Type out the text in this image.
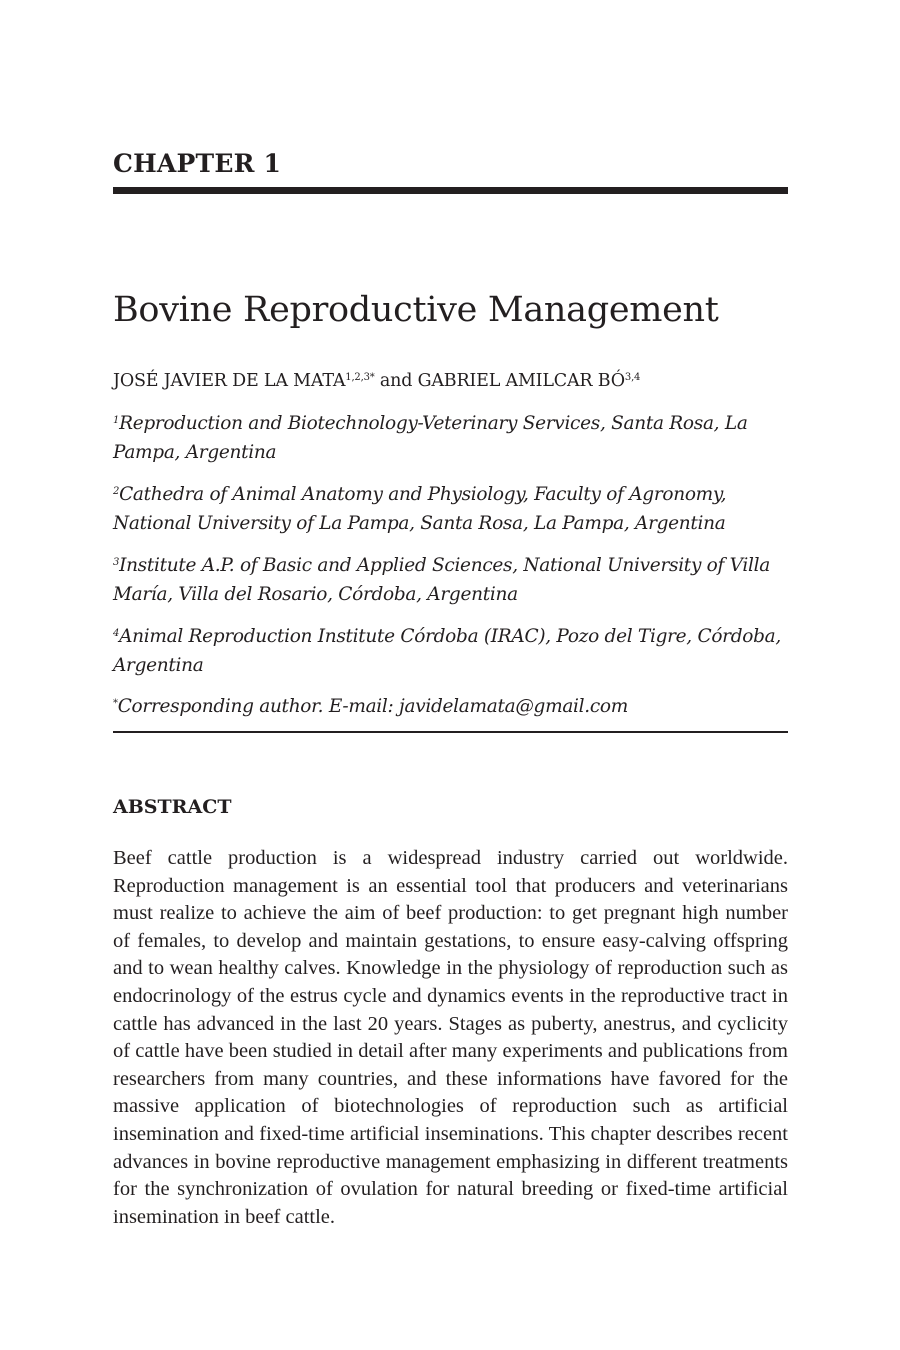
CHAPTER 1
Bovine Reproductive Management
JOSÉ JAVIER DE LA $MATA^{1,2,3*}$ and GABRIEL AMILCAR BÓ$^{3,4}$
$^1$Reproduction and Biotechnology-Veterinary Services, Santa Rosa, La Pampa, Argentina
$^2$Cathedra of Animal Anatomy and Physiology, Faculty of Agronomy, National University of La Pampa, Santa Rosa, La Pampa, Argentina
$^3$Institute A.P. of Basic and Applied Sciences, National University of Villa María, Villa del Rosario, Córdoba, Argentina
$^4$Animal Reproduction Institute Córdoba (IRAC), Pozo del Tigre, Córdoba, Argentina
*Corresponding author. E-mail: javidelamata@gmail.com
ABSTRACT

Beef cattle production is a widespread industry carried out worldwide. Reproduction management is an essential tool that producers and veterinarians must realize to achieve the aim of beef production: to get pregnant high number of females, to develop and maintain gestations, to ensure easy-calving offspring and to wean healthy calves. Knowledge in the physiology of reproduction such as endocrinology of the estrus cycle and dynamics events in the reproductive tract in cattle has advanced in the last 20 years. Stages as puberty, anestrus, and cyclicity of cattle have been studied in detail after many experiments and publications from researchers from many countries, and these informations have favored for the massive application of biotechnologies of reproduction such as artificial insemination and fixed-time artificial inseminations. This chapter describes recent advances in bovine reproductive management emphasizing in different treatments for the synchronization of ovulation for natural breeding or fixed-time artificial insemination in beef cattle.
